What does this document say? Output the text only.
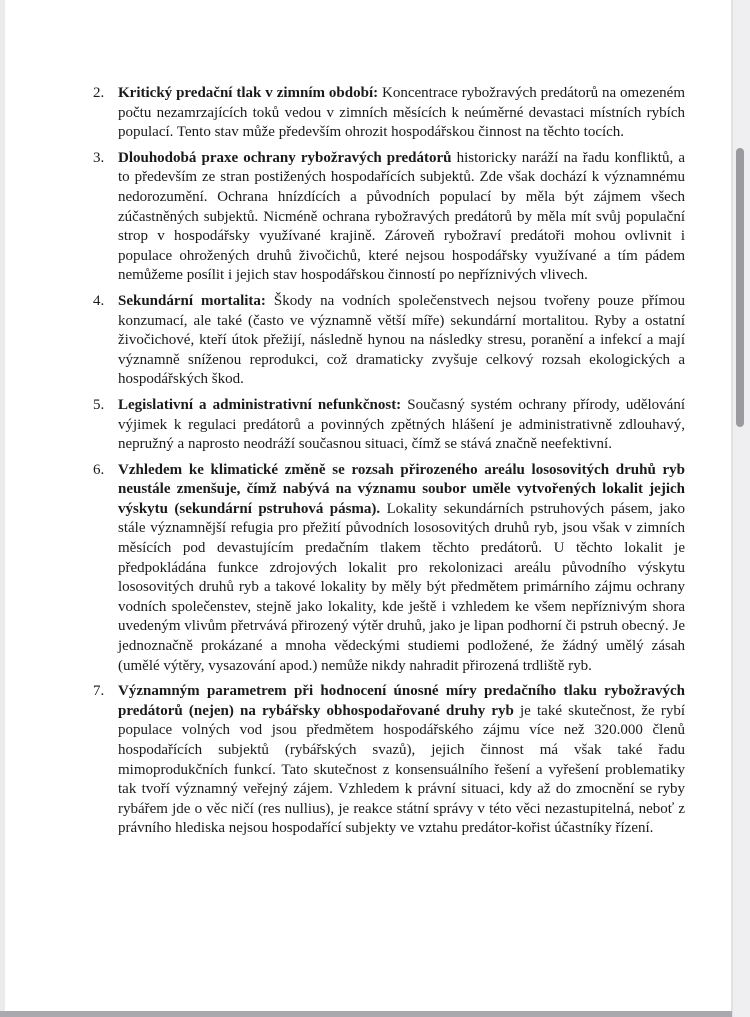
2. Kritický predační tlak v zimním období: Koncentrace rybožravých predátorů na omezeném počtu nezamrzajících toků vedou v zimních měsících k neúměrné devastaci místních rybích populací. Tento stav může především ohrozit hospodářskou činnost na těchto tocích.
3. Dlouhodobá praxe ochrany rybožravých predátorů historicky naráží na řadu konfliktů, a to především ze stran postižených hospodařících subjektů. Zde však dochází k významnému nedorozumění. Ochrana hnízdících a původních populací by měla být zájmem všech zúčastněných subjektů. Nicméně ochrana rybožravých predátorů by měla mít svůj populační strop v hospodářsky využívané krajině. Zároveň rybožraví predátoři mohou ovlivnit i populace ohrožených druhů živočichů, které nejsou hospodářsky využívané a tím pádem nemůžeme posílit i jejich stav hospodářskou činností po nepříznivých vlivech.
4. Sekundární mortalita: Škody na vodních společenstvech nejsou tvořeny pouze přímou konzumací, ale také (často ve významně větší míře) sekundární mortalitou. Ryby a ostatní živočichové, kteří útok přežijí, následně hynou na následky stresu, poranění a infekcí a mají významně sníženou reprodukci, což dramaticky zvyšuje celkový rozsah ekologických a hospodářských škod.
5. Legislativní a administrativní nefunkčnost: Současný systém ochrany přírody, udělování výjimek k regulaci predátorů a povinných zpětných hlášení je administrativně zdlouhavý, nepružný a naprosto neodráží současnou situaci, čímž se stává značně neefektivní.
6. Vzhledem ke klimatické změně se rozsah přirozeného areálu lososovitých druhů ryb neustále zmenšuje, čímž nabývá na významu soubor uměle vytvořených lokalit jejich výskytu (sekundární pstruhová pásma). Lokality sekundárních pstruhových pásem, jako stále významnější refugia pro přežití původních lososovitých druhů ryb, jsou však v zimních měsících pod devastujícím predačním tlakem těchto predátorů. U těchto lokalit je předpokládána funkce zdrojových lokalit pro rekolonizaci areálu původního výskytu lososovitých druhů ryb a takové lokality by měly být předmětem primárního zájmu ochrany vodních společenstev, stejně jako lokality, kde ještě i vzhledem ke všem nepříznivým shora uvedeným vlivům přetrvává přirozený výtěr druhů, jako je lipan podhorní či pstruh obecný. Je jednoznačně prokázané a mnoha vědeckými studiemi podložené, že žádný umělý zásah (umělé výtěry, vysazování apod.) nemůže nikdy nahradit přirozená trdliště ryb.
7. Významným parametrem při hodnocení únosné míry predačního tlaku rybožravých predátorů (nejen) na rybářsky obhospodařované druhy ryb je také skutečnost, že rybí populace volných vod jsou předmětem hospodářského zájmu více než 320.000 členů hospodařících subjektů (rybářských svazů), jejich činnost má však také řadu mimoprodukčních funkcí. Tato skutečnost z konsensuálního řešení a vyřešení problematiky tak tvoří významný veřejný zájem. Vzhledem k právní situaci, kdy až do zmocnění se ryby rybářem jde o věc ničí (res nullius), je reakce státní správy v této věci nezastupitelná, neboť z právního hlediska nejsou hospodařící subjekty ve vztahu predátor-kořist účastníky řízení.
